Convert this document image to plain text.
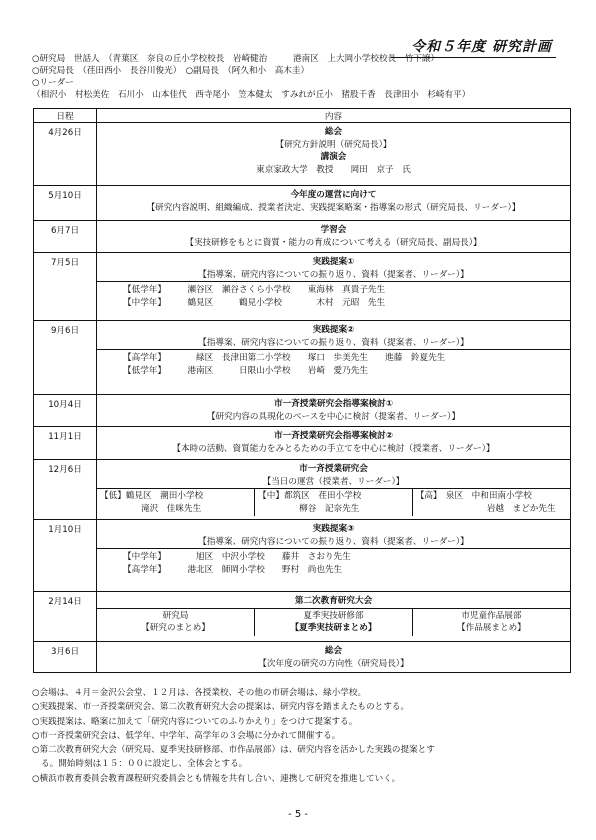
令和５年度 研究計画
○研究局　世話人　（青葉区　奈良の丘小学校校長　岩崎健治　　　港南区　上大岡小学校校長　竹下譲）
○研究局長　（荏田西小　長谷川俊光）　○副局長　（阿久和小　高木圭）
○リーダー
（相沢小　村松美佐　石川小　山本佳代　西寺尾小　笠本健太　すみれが丘小　猪股千香　長津田小　杉崎有平）
日程	内容
4月26日	総会
【研究方針説明（研究局長）】
講演会
東京家政大学　教授　　岡田　京子　氏

5月10日	今年度の運営に向けて
【研究内容説明、組織編成、授業者決定、実践提案略案・指導案の形式（研究局長、リーダー）】

6月7日	学習会
【実技研修をもとに資質・能力の育成について考える（研究局長、副局長）】

7月5日	実践提案①
【指導案、研究内容についての振り返り、資料（提案者、リーダー）】
【低学年】　　　瀬谷区　瀬谷さくら小学校　　東海林　真貴子先生
【中学年】　　　鶴見区　　　鶴見小学校　　　　木村　元昭　先生

9月6日	実践提案②
【指導案、研究内容についての振り返り、資料（提案者、リーダー）】
【高学年】　　　　緑区　長津田第二小学校　　塚口　歩美先生　　進藤　鈴夏先生
【低学年】　　　港南区　　　日限山小学校　　岩崎　愛乃先生

10月4日	市一斉授業研究会指導案検討①
【研究内容の具現化のベースを中心に検討（提案者、リーダー）】

11月1日	市一斉授業研究会指導案検討②
【本時の活動、資質能力をみとるための手立てを中心に検討（授業者、リーダー）】

12月6日	市一斉授業研究会
【当日の運営（授業者、リーダー）】
【低】鶴見区　潮田小学校
滝沢　佳咪先生

【中】都筑区　荏田小学校
柳谷　記奈先生

【高】　泉区　中和田南小学校
岩越　まどか先生

1月10日	実践提案③
【指導案、研究内容についての振り返り、資料（提案者、リーダー）】
【中学年】　　　　旭区　中沢小学校　　藤井　さおり先生
【高学年】　　　港北区　師岡小学校　　野村　尚也先生

2月14日	第二次教育研究大会
研究局
【研究のまとめ】

夏季実技研修部
【夏季実技研まとめ】

市児童作品展部
【作品展まとめ】

3月6日	総会
【次年度の研究の方向性（研究局長）】
○会場は、４月＝金沢公会堂、１２月は、各授業校、その他の市研会場は、緑小学校。
○実践提案、市一斉授業研究会、第二次教育研究大会の提案は、研究内容を踏まえたものとする。
○実践提案は、略案に加えて「研究内容についてのふりかえり」をつけて提案する。
○市一斉授業研究会は、低学年、中学年、高学年の３会場に分かれて開催する。
○第二次教育研究大会（研究局、夏季実技研修部、市作品展部）は、研究内容を活かした実践の提案とす
る。開始時刻は１５：００に設定し、全体会とする。
○横浜市教育委員会教育課程研究委員会とも情報を共有し合い、連携して研究を推進していく。
- 5 -
